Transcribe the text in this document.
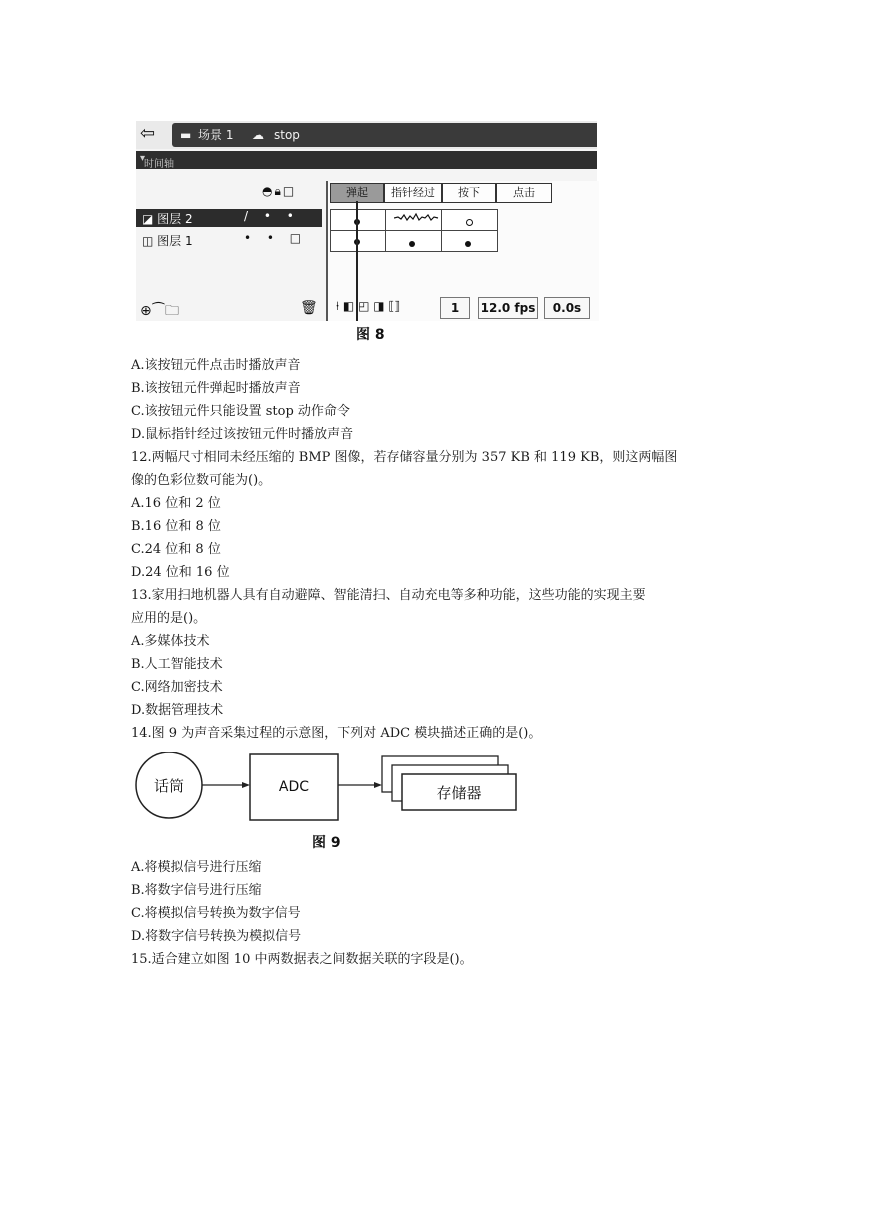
⇦ ▬ 场景 1 ☁ stop
▾
时间轴
◓🔒︎□
◪ 图层 2	/ • •
◫ 图层 1	• • □
弹起	指针经过	按下	点击
⊕⁀🗀	🗑 ⍿ ◧ ◰ ◨ ⟦⟧	1	12.0 fps	0.0s
图 8
A.该按钮元件点击时播放声音
B.该按钮元件弹起时播放声音
C.该按钮元件只能设置 stop 动作命令
D.鼠标指针经过该按钮元件时播放声音
12.两幅尺寸相同未经压缩的 BMP 图像，若存储容量分别为 357 KB 和 119 KB，则这两幅图
像的色彩位数可能为()。
A.16 位和 2 位
B.16 位和 8 位
C.24 位和 8 位
D.24 位和 16 位
13.家用扫地机器人具有自动避障、智能清扫、自动充电等多种功能，这些功能的实现主要
应用的是()。
A.多媒体技术
B.人工智能技术
C.网络加密技术
D.数据管理技术
14.图 9 为声音采集过程的示意图，下列对 ADC 模块描述正确的是()。
话筒	ADC	存储器
图 9
A.将模拟信号进行压缩
B.将数字信号进行压缩
C.将模拟信号转换为数字信号
D.将数字信号转换为模拟信号
15.适合建立如图 10 中两数据表之间数据关联的字段是()。
